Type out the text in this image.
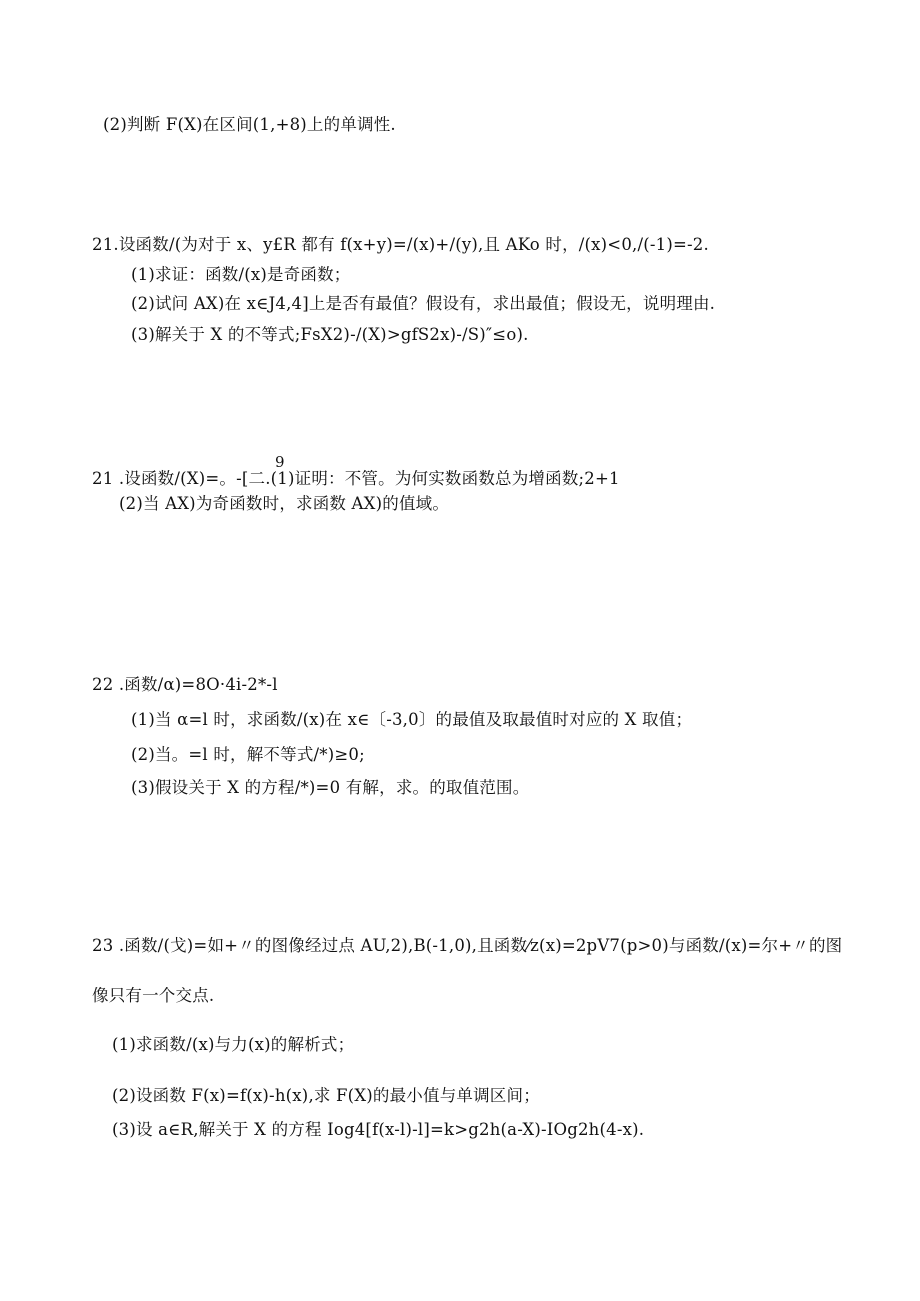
(2)判断 F(X)在区间(1,+8)上的单调性.
21.设函数/(为对于 x、y£R 都有 f(x+y)=/(x)+/(y),且 AKo 时，/(x)<0,/(-1)=-2.
(1)求证：函数/(x)是奇函数；
(2)试问 AX)在 x∈J4,4]上是否有最值？假设有，求出最值；假设无，说明理由.
(3)解关于 X 的不等式;FsX2)-/(X)>gfS2x)-/S)″≤o).
9
21 .设函数/(X)=。-[二.(1)证明：不管。为何实数函数总为增函数;2+1
(2)当 AX)为奇函数时，求函数 AX)的值域。
22 .函数/α)=8O·4i-2*-l
(1)当 α=l 时，求函数/(x)在 x∈〔-3,0〕的最值及取最值时对应的 X 取值；
(2)当。=l 时，解不等式/*)≥0;
(3)假设关于 X 的方程/*)=0 有解，求。的取值范围。
23 .函数/(戈)=如+〃的图像经过点 AU,2),B(-1,0),且函数⁄z(x)=2pV7(p>0)与函数/(x)=尔+〃的图
像只有一个交点.
(1)求函数/(x)与力(x)的解析式；
(2)设函数 F(x)=f(x)-h(x),求 F(X)的最小值与单调区间；
(3)设 a∈R,解关于 X 的方程 Iog4[f(x-l)-l]=k>g2h(a-X)-IOg2h(4-x).
